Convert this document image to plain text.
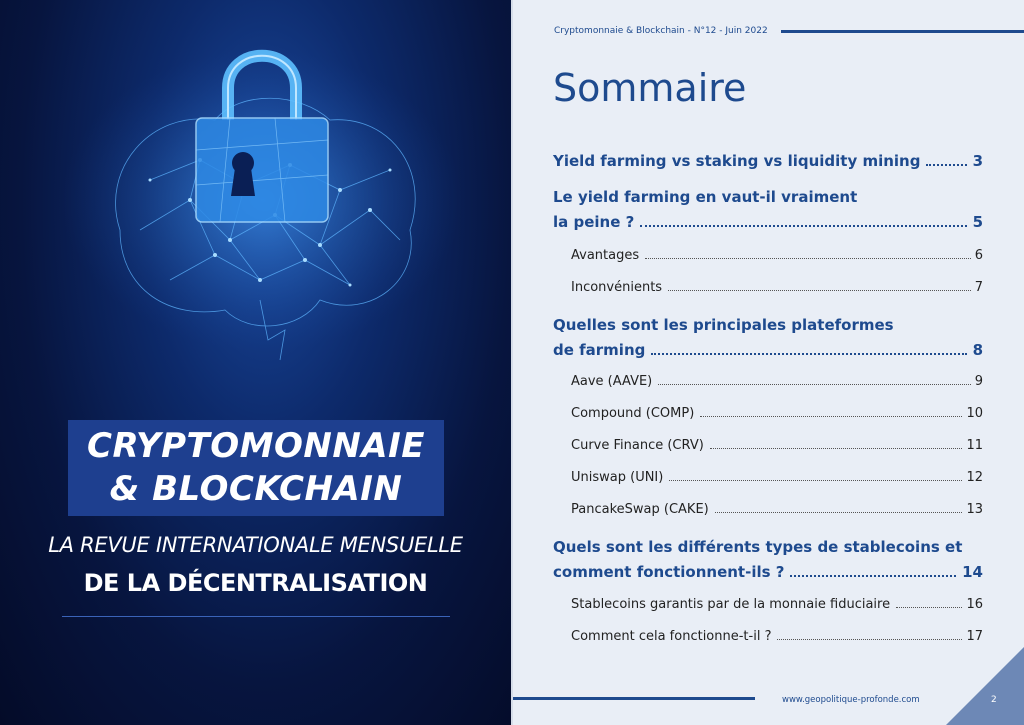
CRYPTOMONNAIE
& BLOCKCHAIN
LA REVUE INTERNATIONALE MENSUELLE
DE LA DÉCENTRALISATION
Cryptomonnaie & Blockchain - N°12 - Juin 2022
Sommaire
Yield farming vs staking vs liquidity mining	3
Le yield farming en vaut-il vraiment
la peine ?	5
Avantages	6
Inconvénients	7
Quelles sont les principales plateformes
de farming	8
Aave (AAVE)	9
Compound (COMP)	10
Curve Finance (CRV)	11
Uniswap (UNI)	12
PancakeSwap (CAKE)	13
Quels sont les différents types de stablecoins et
comment fonctionnent-ils ?	14
Stablecoins garantis par de la monnaie fiduciaire	16
Comment cela fonctionne-t-il ?	17
www.geopolitique-profonde.com	2
